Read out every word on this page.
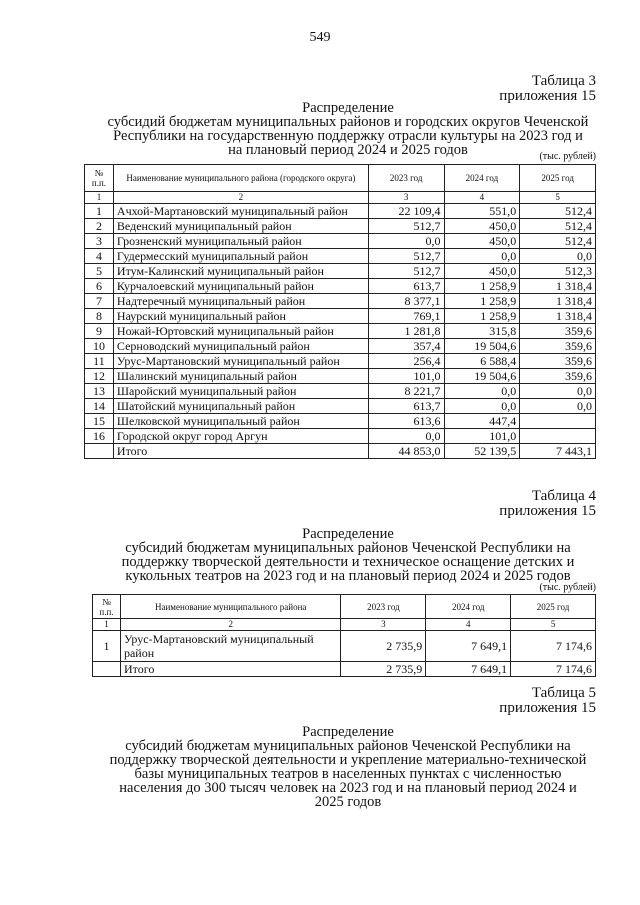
549
Таблица 3
приложения 15
Распределение
субсидий бюджетам муниципальных районов и городских округов Чеченской
Республики на государственную поддержку отрасли культуры на 2023 год и
на плановый период 2024 и 2025 годов	(тыс. рублей)
№ п.п.	Наименование муниципального района (городского округа)	2023 год	2024 год	2025 год
1	2	3	4	5
1	Ачхой-Мартановский муниципальный район	22 109,4	551,0	512,4
2	Веденский муниципальный район	512,7	450,0	512,4
3	Грозненский муниципальный район	0,0	450,0	512,4
4	Гудермесский муниципальный район	512,7	0,0	0,0
5	Итум-Калинский муниципальный район	512,7	450,0	512,3
6	Курчалоевский муниципальный район	613,7	1 258,9	1 318,4
7	Надтеречный муниципальный район	8 377,1	1 258,9	1 318,4
8	Наурский муниципальный район	769,1	1 258,9	1 318,4
9	Ножай-Юртовский муниципальный район	1 281,8	315,8	359,6
10	Серноводский муниципальный район	357,4	19 504,6	359,6
11	Урус-Мартановский муниципальный район	256,4	6 588,4	359,6
12	Шалинский муниципальный район	101,0	19 504,6	359,6
13	Шаройский муниципальный район	8 221,7	0,0	0,0
14	Шатойский муниципальный район	613,7	0,0	0,0
15	Шелковской муниципальный район	613,6	447,4	
16	Городской округ город Аргун	0,0	101,0	
	Итого	44 853,0	52 139,5	7 443,1
Таблица 4
приложения 15
Распределение
субсидий бюджетам муниципальных районов Чеченской Республики на
поддержку творческой деятельности и техническое оснащение детских и
кукольных театров на 2023 год и на плановый период 2024 и 2025 годов
(тыс. рублей)
№ п.п.	Наименование муниципального района	2023 год	2024 год	2025 год
1	2	3	4	5
1	Урус-Мартановский муниципальный район	2 735,9	7 649,1	7 174,6
	Итого	2 735,9	7 649,1	7 174,6
Таблица 5
приложения 15
Распределение
субсидий бюджетам муниципальных районов Чеченской Республики на
поддержку творческой деятельности и укрепление материально-технической
базы муниципальных театров в населенных пунктах с численностью
населения до 300 тысяч человек на 2023 год и на плановый период 2024 и
2025 годов
